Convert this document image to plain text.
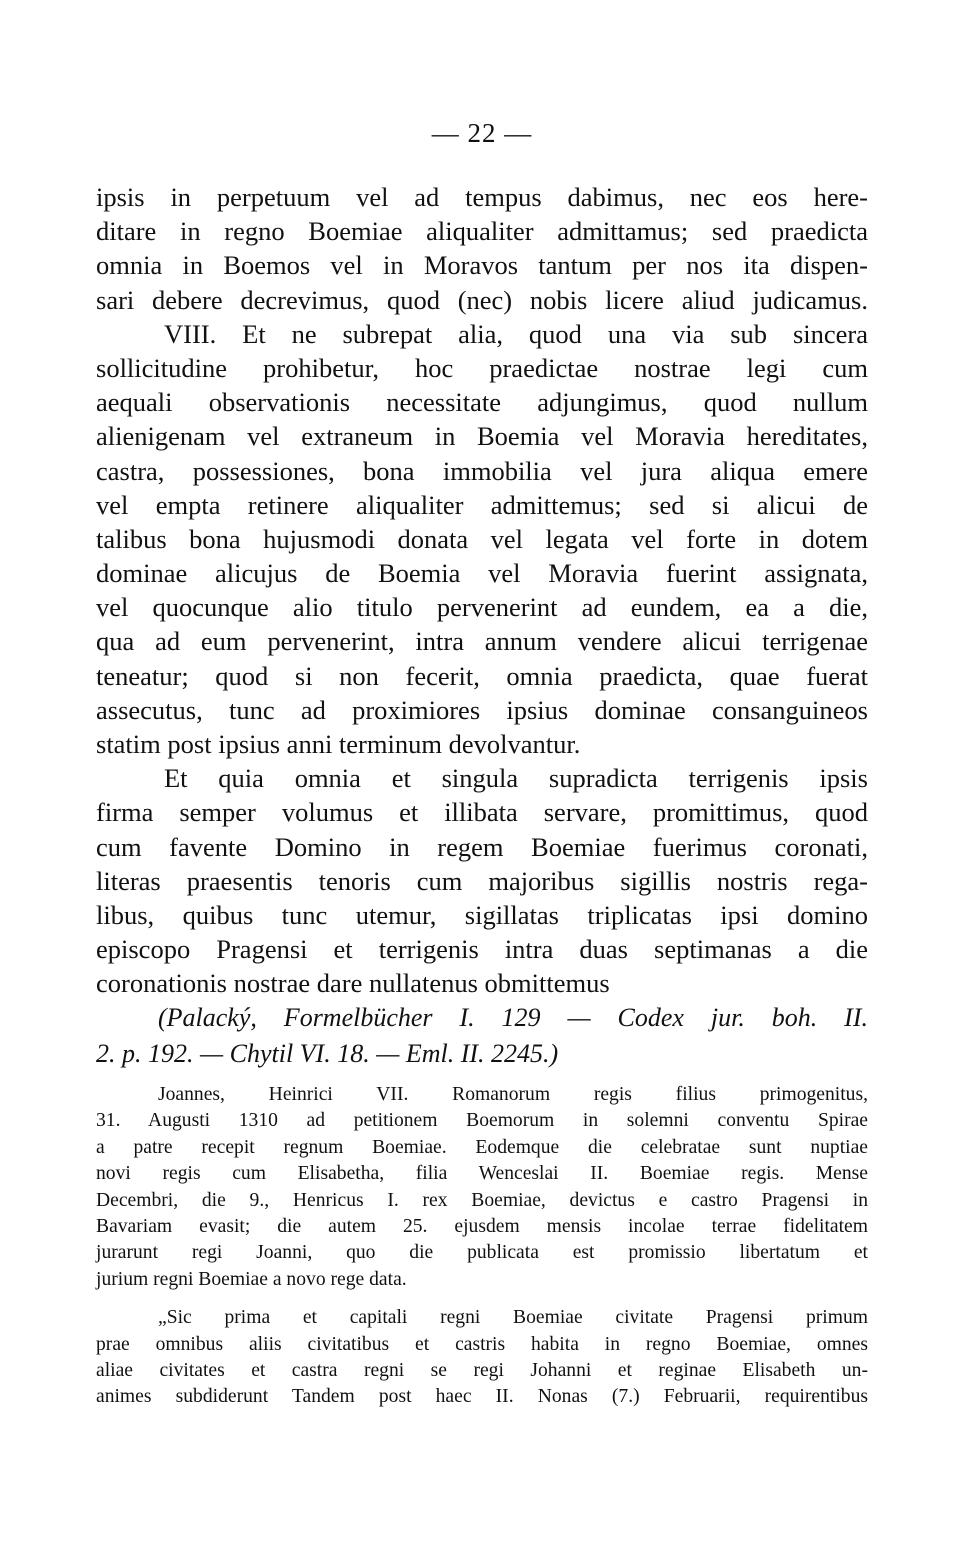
— 22 —
ipsis in perpetuum vel ad tempus dabimus, nec eos here-
ditare in regno Boemiae aliqualiter admittamus; sed praedicta
omnia in Boemos vel in Moravos tantum per nos ita dispen-
sari debere decrevimus, quod (nec) nobis licere aliud judicamus.
VIII. Et ne subrepat alia, quod una via sub sincera
sollicitudine prohibetur, hoc praedictae nostrae legi cum
aequali observationis necessitate adjungimus, quod nullum
alienigenam vel extraneum in Boemia vel Moravia hereditates,
castra, possessiones, bona immobilia vel jura aliqua emere
vel empta retinere aliqualiter admittemus; sed si alicui de
talibus bona hujusmodi donata vel legata vel forte in dotem
dominae alicujus de Boemia vel Moravia fuerint assignata,
vel quocunque alio titulo pervenerint ad eundem, ea a die,
qua ad eum pervenerint, intra annum vendere alicui terrigenae
teneatur; quod si non fecerit, omnia praedicta, quae fuerat
assecutus, tunc ad proximiores ipsius dominae consanguineos
statim post ipsius anni terminum devolvantur.
Et quia omnia et singula supradicta terrigenis ipsis
firma semper volumus et illibata servare, promittimus, quod
cum favente Domino in regem Boemiae fuerimus coronati,
literas praesentis tenoris cum majoribus sigillis nostris rega-
libus, quibus tunc utemur, sigillatas triplicatas ipsi domino
episcopo Pragensi et terrigenis intra duas septimanas a die
coronationis nostrae dare nullatenus obmittemus
(Palacký, Formelbücher I. 129 — Codex jur. boh. II.
2. p. 192. — Chytil VI. 18. — Eml. II. 2245.)
Joannes, Heinrici VII. Romanorum regis filius primogenitus,
31. Augusti 1310 ad petitionem Boemorum in solemni conventu Spirae
a patre recepit regnum Boemiae. Eodemque die celebratae sunt nuptiae
novi regis cum Elisabetha, filia Wenceslai II. Boemiae regis. Mense
Decembri, die 9., Henricus I. rex Boemiae, devictus e castro Pragensi in
Bavariam evasit; die autem 25. ejusdem mensis incolae terrae fidelitatem
jurarunt regi Joanni, quo die publicata est promissio libertatum et
jurium regni Boemiae a novo rege data.
„Sic prima et capitali regni Boemiae civitate Pragensi primum
prae omnibus aliis civitatibus et castris habita in regno Boemiae, omnes
aliae civitates et castra regni se regi Johanni et reginae Elisabeth un-
animes subdiderunt Tandem post haec II. Nonas (7.) Februarii, requirentibus
